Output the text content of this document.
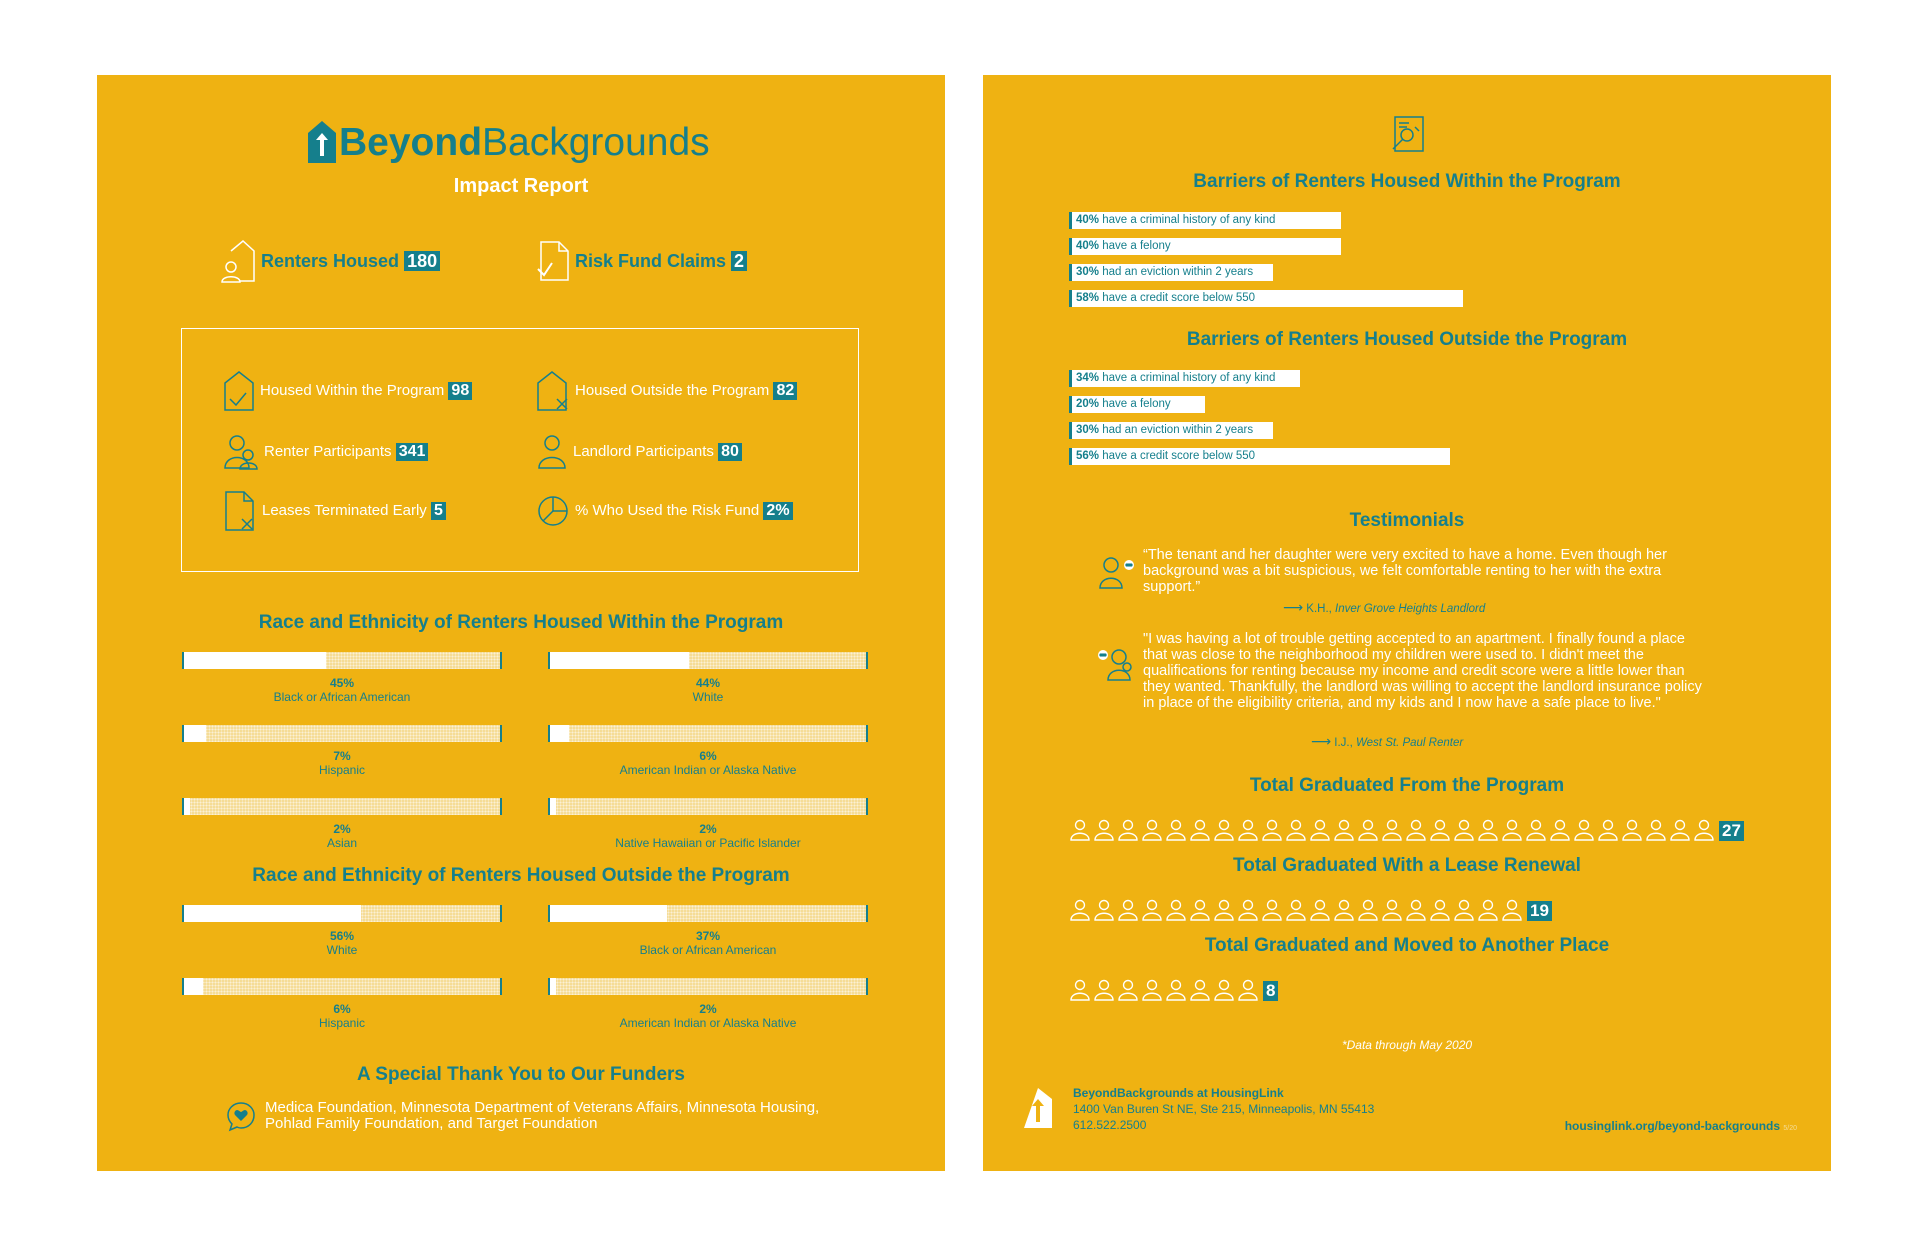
BeyondBackgrounds
Impact Report
Renters Housed 180	Risk Fund Claims 2
Housed Within the Program 98	Housed Outside the Program 82
Renter Participants 341	Landlord Participants 80
Leases Terminated Early 5	% Who Used the Risk Fund 2%
Race and Ethnicity of Renters Housed Within the Program
Race and Ethnicity of Renters Housed Outside the Program
A Special Thank You to Our Funders
Medica Foundation, Minnesota Department of Veterans Affairs, Minnesota Housing, Pohlad Family Foundation, and Target Foundation
45%
Black or African American
44%
White
7%
Hispanic
6%
American Indian or Alaska Native
2%
Asian
2%
Native Hawaiian or Pacific Islander
56%
White
37%
Black or African American
6%
Hispanic
2%
American Indian or Alaska Native
Barriers of Renters Housed Within the Program
Barriers of Renters Housed Outside the Program
Testimonials
“The tenant and her daughter were very excited to have a home. Even though her background was a bit suspicious, we felt comfortable renting to her with the extra support.”
⟶ K.H., Inver Grove Heights Landlord
"I was having a lot of trouble getting accepted to an apartment. I finally found a place that was close to the neighborhood my children were used to. I didn't meet the qualifications for renting because my income and credit score were a little lower than they wanted. Thankfully, the landlord was willing to accept the landlord insurance policy in place of the eligibility criteria, and my kids and I now have a safe place to live."
⟶ I.J., West St. Paul Renter
Total Graduated From the Program
27
Total Graduated With a Lease Renewal
19
Total Graduated and Moved to Another Place
8
*Data through May 2020
BeyondBackgrounds at HousingLink
1400 Van Buren St NE, Ste 215, Minneapolis, MN 55413
612.522.2500	housinglink.org/beyond-backgrounds 5/20
40% have a criminal history of any kind
40% have a felony
30% had an eviction within 2 years
58% have a credit score below 550
34% have a criminal history of any kind
20% have a felony
30% had an eviction within 2 years
56% have a credit score below 550
